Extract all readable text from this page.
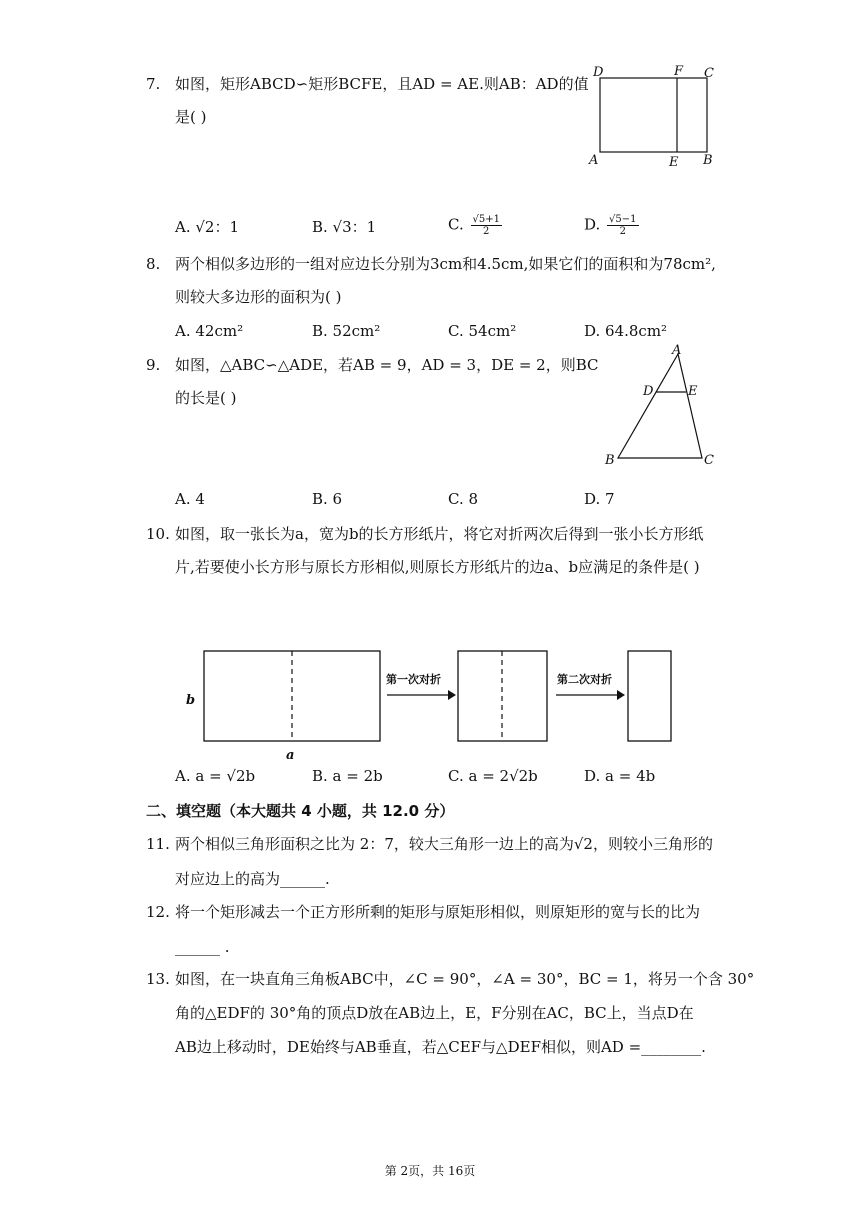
7. 如图，矩形ABCD∽矩形BCFE，且AD = AE.则AB：AD的值
是( )
D	F C
A	E B
A. √2：1	B. √3：1	C. $\frac{√5+1}{2}$	D. $\frac{√5-1}{2}$
8. 两个相似多边形的一组对应边长分别为3cm和4.5cm,如果它们的面积和为78cm²,
则较大多边形的面积为( )
A. 42cm²	B. 52cm²	C. 54cm²	D. 64.8cm²
9. 如图，△ABC∽△ADE，若AB = 9，AD = 3，DE = 2，则BC
的长是( )
A
D	E
B	C
A. 4	B. 6	C. 8	D. 7
10. 如图，取一张长为a，宽为b的长方形纸片，将它对折两次后得到一张小长方形纸
片,若要使小长方形与原长方形相似,则原长方形纸片的边a、b应满足的条件是( )
b
a
第一次对折	第二次对折
A. a = √2b	B. a = 2b	C. a = 2√2b	D. a = 4b
二、填空题（本大题共 4 小题，共 12.0 分）
11. 两个相似三角形面积之比为 2：7，较大三角形一边上的高为√2，则较小三角形的
对应边上的高为______.
12. 将一个矩形减去一个正方形所剩的矩形与原矩形相似，则原矩形的宽与长的比为
______ .
13. 如图，在一块直角三角板ABC中，∠C = 90°，∠A = 30°，BC = 1，将另一个含 30°
角的△EDF的 30°角的顶点D放在AB边上，E，F分别在AC，BC上，当点D在
AB边上移动时，DE始终与AB垂直，若△CEF与△DEF相似，则AD =________.
第 2页，共 16页
